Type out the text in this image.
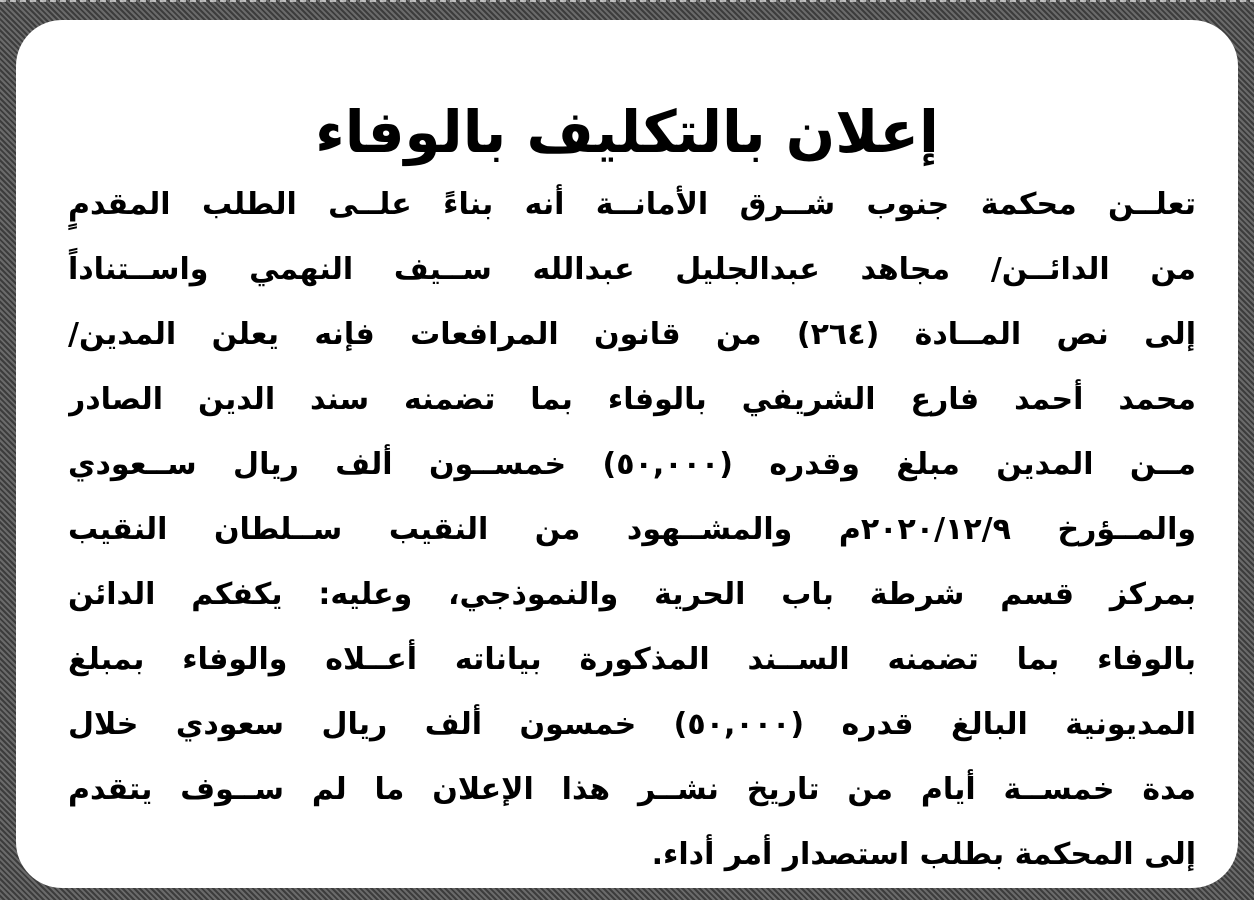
إعلان بالتكليف بالوفاء
تعلــن محكمة جنوب شــرق الأمانــة أنه بناءً علــى الطلب المقدمٍ
من الدائــن/ مجاهد عبدالجليل عبدالله ســيف النهمي واســتناداً
إلى نص المــادة (٢٦٤) من قانون المرافعات فإنه يعلن المدين/
محمد أحمد فارع الشريفي بالوفاء بما تضمنه سند الدين الصادر
مــن المدين مبلغ وقدره (٥٠,٠٠٠) خمســون ألف ريال ســعودي
والمــؤرخ ٢٠٢٠/١٢/٩م والمشــهود من النقيب ســلطان النقيب
بمركز قسم شرطة باب الحرية والنموذجي، وعليه: يكفكم الدائن
بالوفاء بما تضمنه الســند المذكورة بياناته أعــلاه والوفاء بمبلغ
المديونية البالغ قدره (٥٠,٠٠٠) خمسون ألف ريال سعودي خلال
مدة خمســة أيام من تاريخ نشــر هذا الإعلان ما لم ســوف يتقدم
إلى المحكمة بطلب استصدار أمر أداء.
